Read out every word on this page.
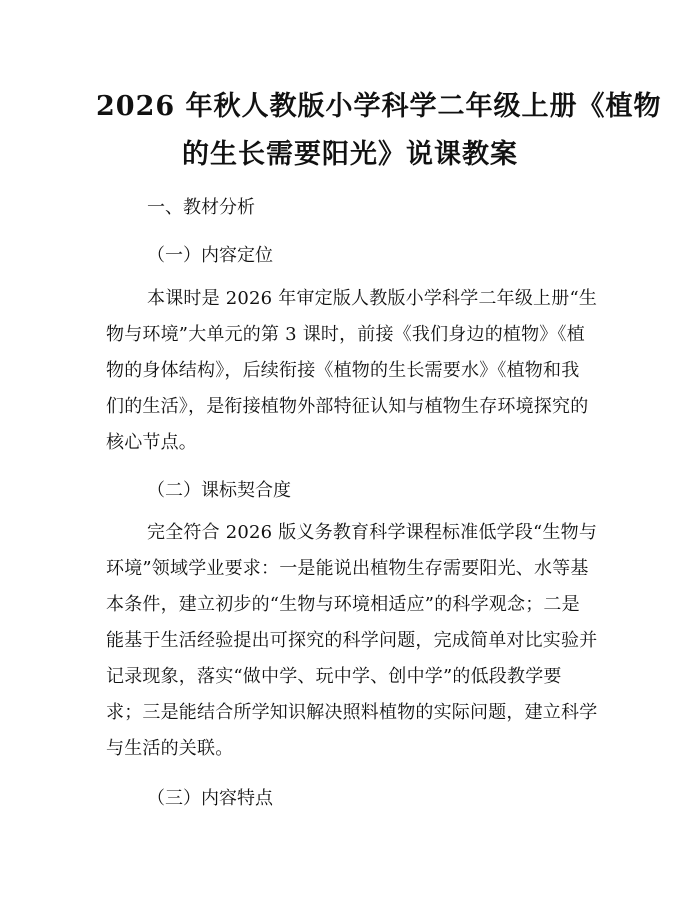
2026 年秋人教版小学科学二年级上册《植物
的生长需要阳光》说课教案

一、教材分析

（一）内容定位

本课时是 2026 年审定版人教版小学科学二年级上册“生
物与环境”大单元的第 3 课时，前接《我们身边的植物》《植
物的身体结构》，后续衔接《植物的生长需要水》《植物和我
们的生活》，是衔接植物外部特征认知与植物生存环境探究的
核心节点。

（二）课标契合度

完全符合 2026 版义务教育科学课程标准低学段“生物与
环境”领域学业要求：一是能说出植物生存需要阳光、水等基
本条件，建立初步的“生物与环境相适应”的科学观念；二是
能基于生活经验提出可探究的科学问题，完成简单对比实验并
记录现象，落实“做中学、玩中学、创中学”的低段教学要
求；三是能结合所学知识解决照料植物的实际问题，建立科学
与生活的关联。

（三）内容特点
